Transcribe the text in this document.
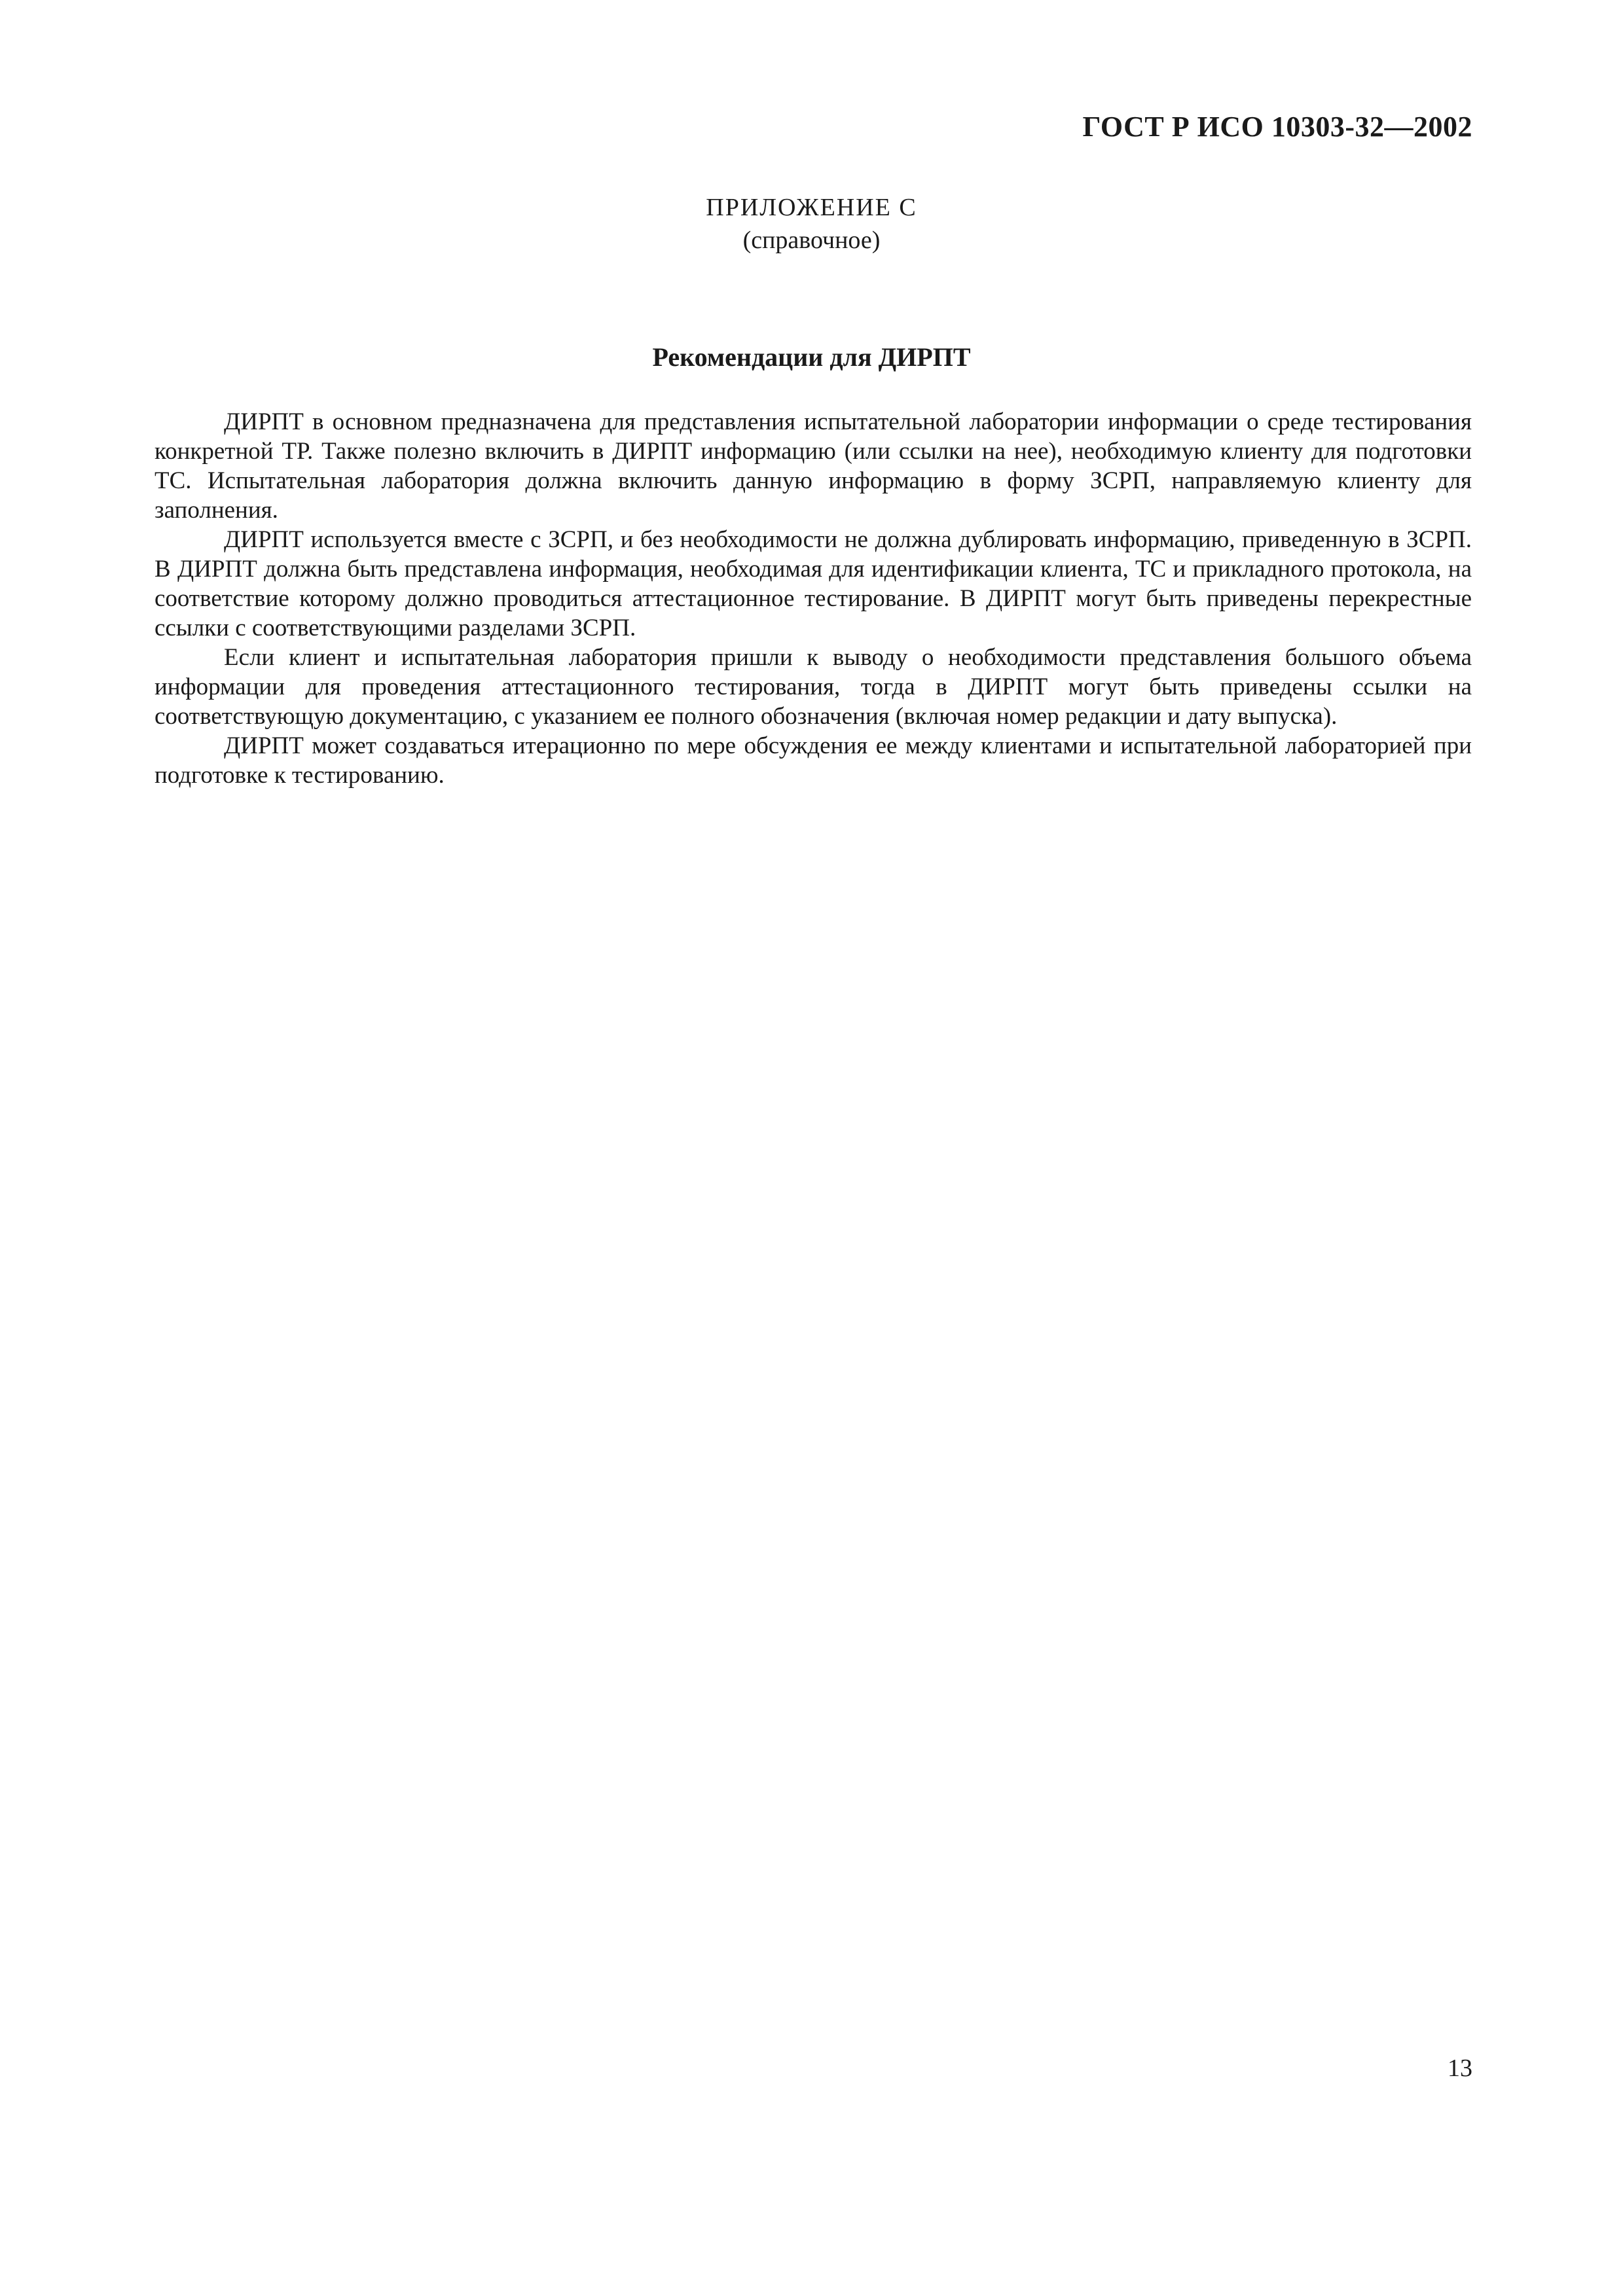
ГОСТ Р ИСО 10303-32—2002
ПРИЛОЖЕНИЕ С
(справочное)
Рекомендации для ДИРПТ

ДИРПТ в основном предназначена для представления испытательной лаборатории информации о среде тестирования конкретной ТР. Также полезно включить в ДИРПТ информацию (или ссылки на нее), необходимую клиенту для подготовки ТС. Испытательная лаборатория должна включить данную информацию в форму ЗСРП, направляемую клиенту для заполнения.

ДИРПТ используется вместе с ЗСРП, и без необходимости не должна дублировать информацию, приведенную в ЗСРП. В ДИРПТ должна быть представлена информация, необходимая для идентификации клиента, ТС и прикладного протокола, на соответствие которому должно проводиться аттестационное тестирование. В ДИРПТ могут быть приведены перекрестные ссылки с соответствующими разделами ЗСРП.

Если клиент и испытательная лаборатория пришли к выводу о необходимости представления большого объема информации для проведения аттестационного тестирования, тогда в ДИРПТ могут быть приведены ссылки на соответствующую документацию, с указанием ее полного обозначения (включая номер редакции и дату выпуска).

ДИРПТ может создаваться итерационно по мере обсуждения ее между клиентами и испытательной лабораторией при подготовке к тестированию.

13
